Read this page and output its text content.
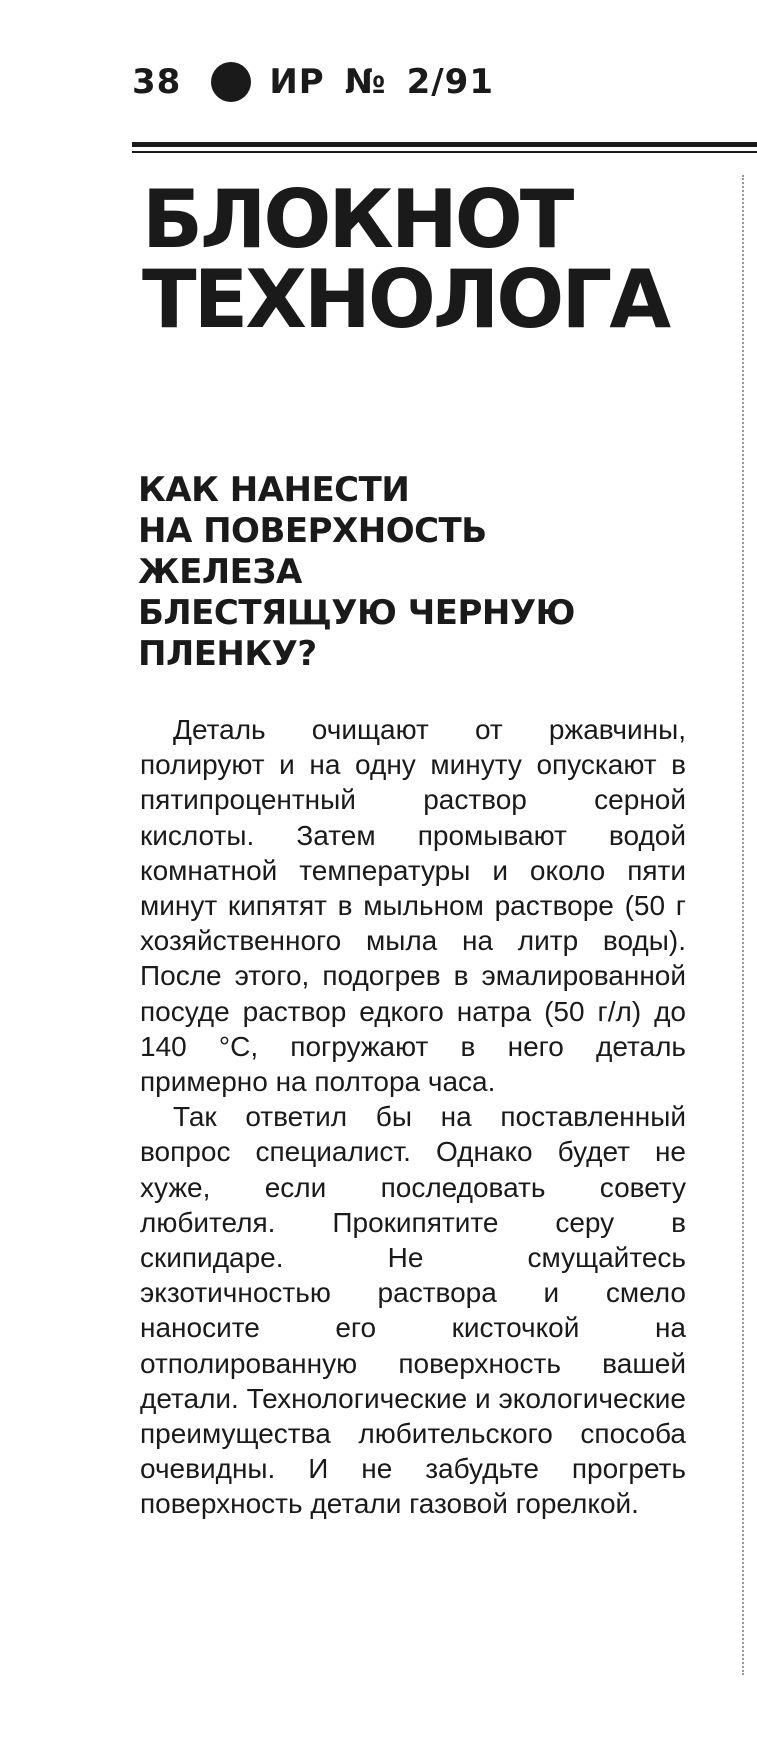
38	ИР № 2/91
БЛОКНОТ
ТЕХНОЛОГА
КАК НАНЕСТИ
НА ПОВЕРХНОСТЬ
ЖЕЛЕЗА
БЛЕСТЯЩУЮ ЧЕРНУЮ
ПЛЕНКУ?

Деталь очищают от ржавчины, полируют и на одну минуту опускают в пятипроцентный раствор серной кислоты. Затем промывают водой комнатной температуры и около пяти минут кипятят в мыльном растворе (50 г хозяйственного мыла на литр воды). После этого, подогрев в эмалированной посуде раствор едкого натра (50 г/л) до 140 °С, погружают в него деталь примерно на полтора часа.

Так ответил бы на поставленный вопрос специалист. Однако будет не хуже, если последовать совету любителя. Прокипятите серу в скипидаре. Не смущайтесь экзотичностью раствора и смело наносите его кисточкой на отполированную поверхность вашей детали. Технологические и экологические преимущества любительского способа очевидны. И не забудьте прогреть поверхность детали газовой горелкой.
